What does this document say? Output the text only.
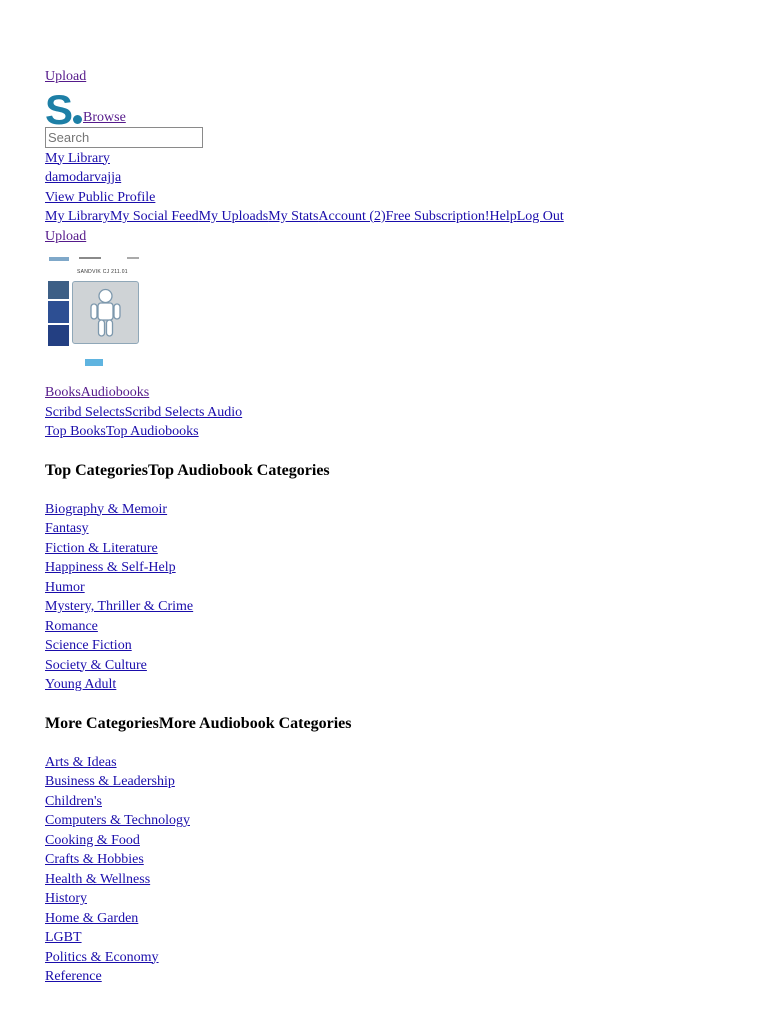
Upload
S Browse
Search
My Library
damodarvajja
View Public Profile
My LibraryMy Social FeedMy UploadsMy StatsAccount (2)Free Subscription!HelpLog Out
Upload
SANDVIK CJ 211.01
BooksAudiobooks
Scribd SelectsScribd Selects Audio
Top BooksTop Audiobooks
Top CategoriesTop Audiobook Categories
Biography & Memoir
Fantasy
Fiction & Literature
Happiness & Self-Help
Humor
Mystery, Thriller & Crime
Romance
Science Fiction
Society & Culture
Young Adult
More CategoriesMore Audiobook Categories
Arts & Ideas
Business & Leadership
Children's
Computers & Technology
Cooking & Food
Crafts & Hobbies
Health & Wellness
History
Home & Garden
LGBT
Politics & Economy
Reference
